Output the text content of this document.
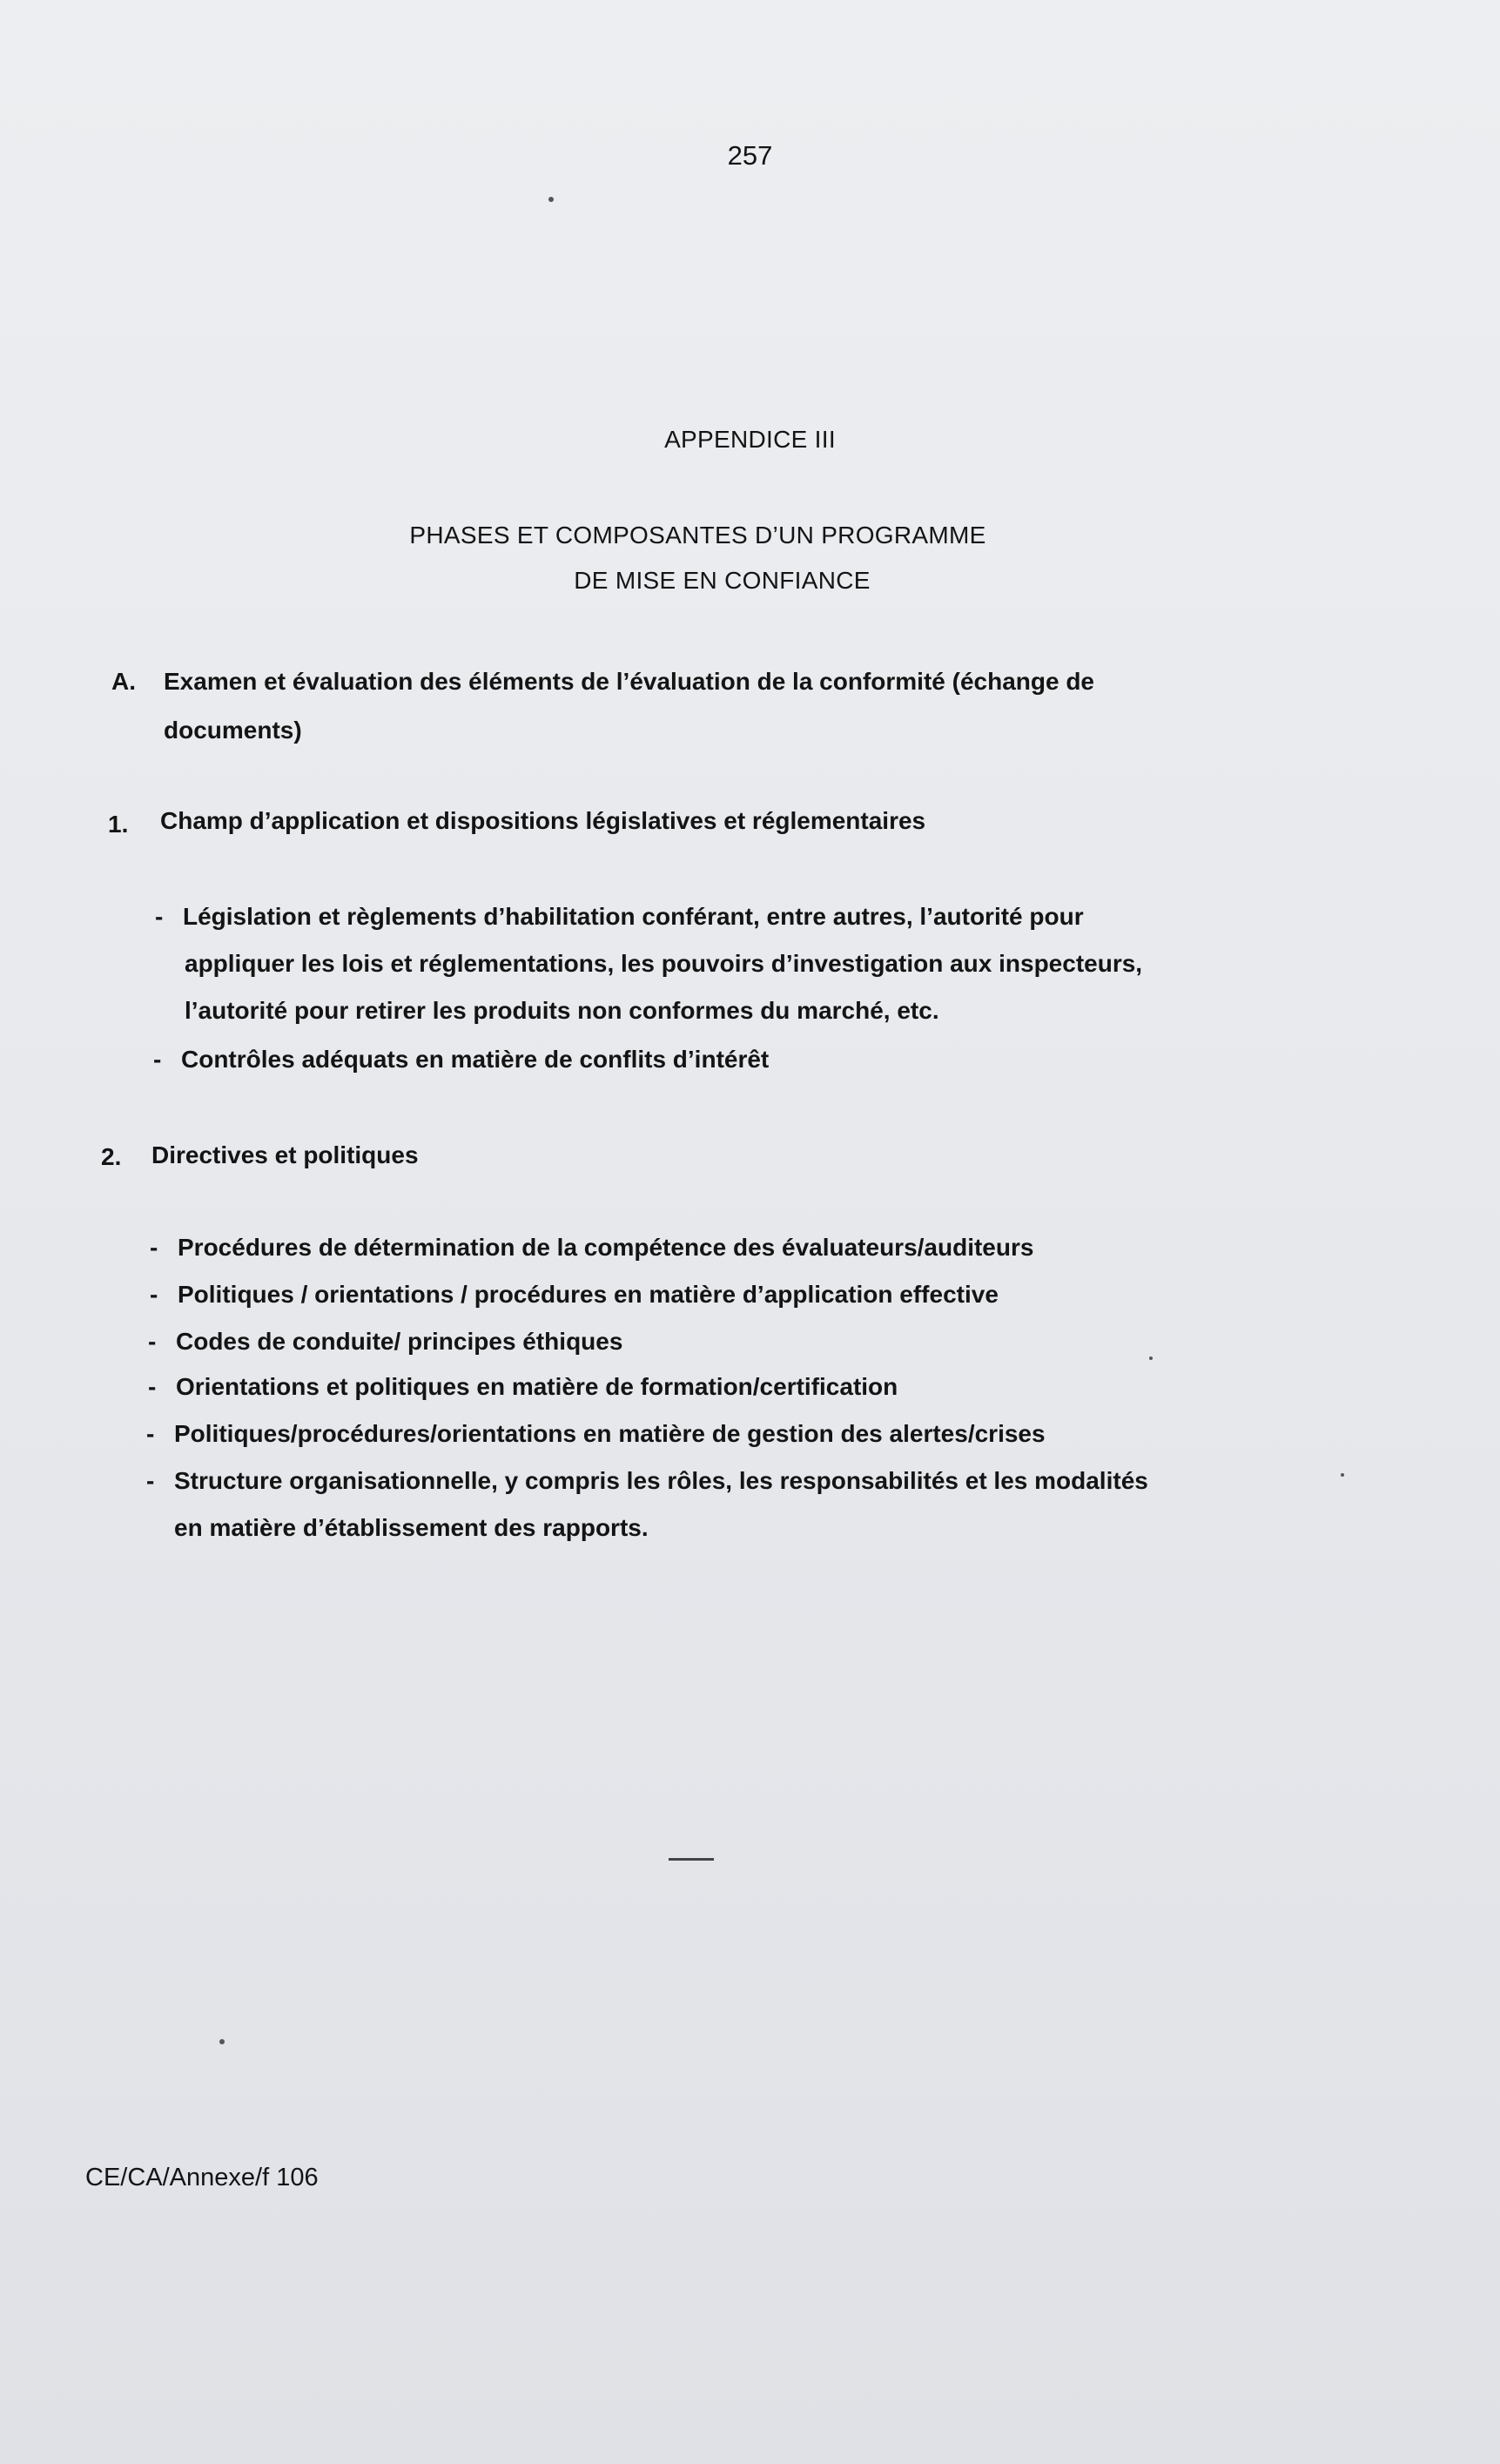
257
APPENDICE III
PHASES ET COMPOSANTES D’UN PROGRAMME
DE MISE EN CONFIANCE
A. Examen et évaluation des éléments de l’évaluation de la conformité (échange de
documents)
1. Champ d’application et dispositions législatives et réglementaires
- Législation et règlements d’habilitation conférant, entre autres, l’autorité pour
appliquer les lois et réglementations, les pouvoirs d’investigation aux inspecteurs,
l’autorité pour retirer les produits non conformes du marché, etc.
- Contrôles adéquats en matière de conflits d’intérêt
2. Directives et politiques
- Procédures de détermination de la compétence des évaluateurs/auditeurs
- Politiques / orientations / procédures en matière d’application effective
- Codes de conduite/ principes éthiques
- Orientations et politiques en matière de formation/certification
- Politiques/procédures/orientations en matière de gestion des alertes/crises
- Structure organisationnelle, y compris les rôles, les responsabilités et les modalités
en matière d’établissement des rapports.
CE/CA/Annexe/f 106
